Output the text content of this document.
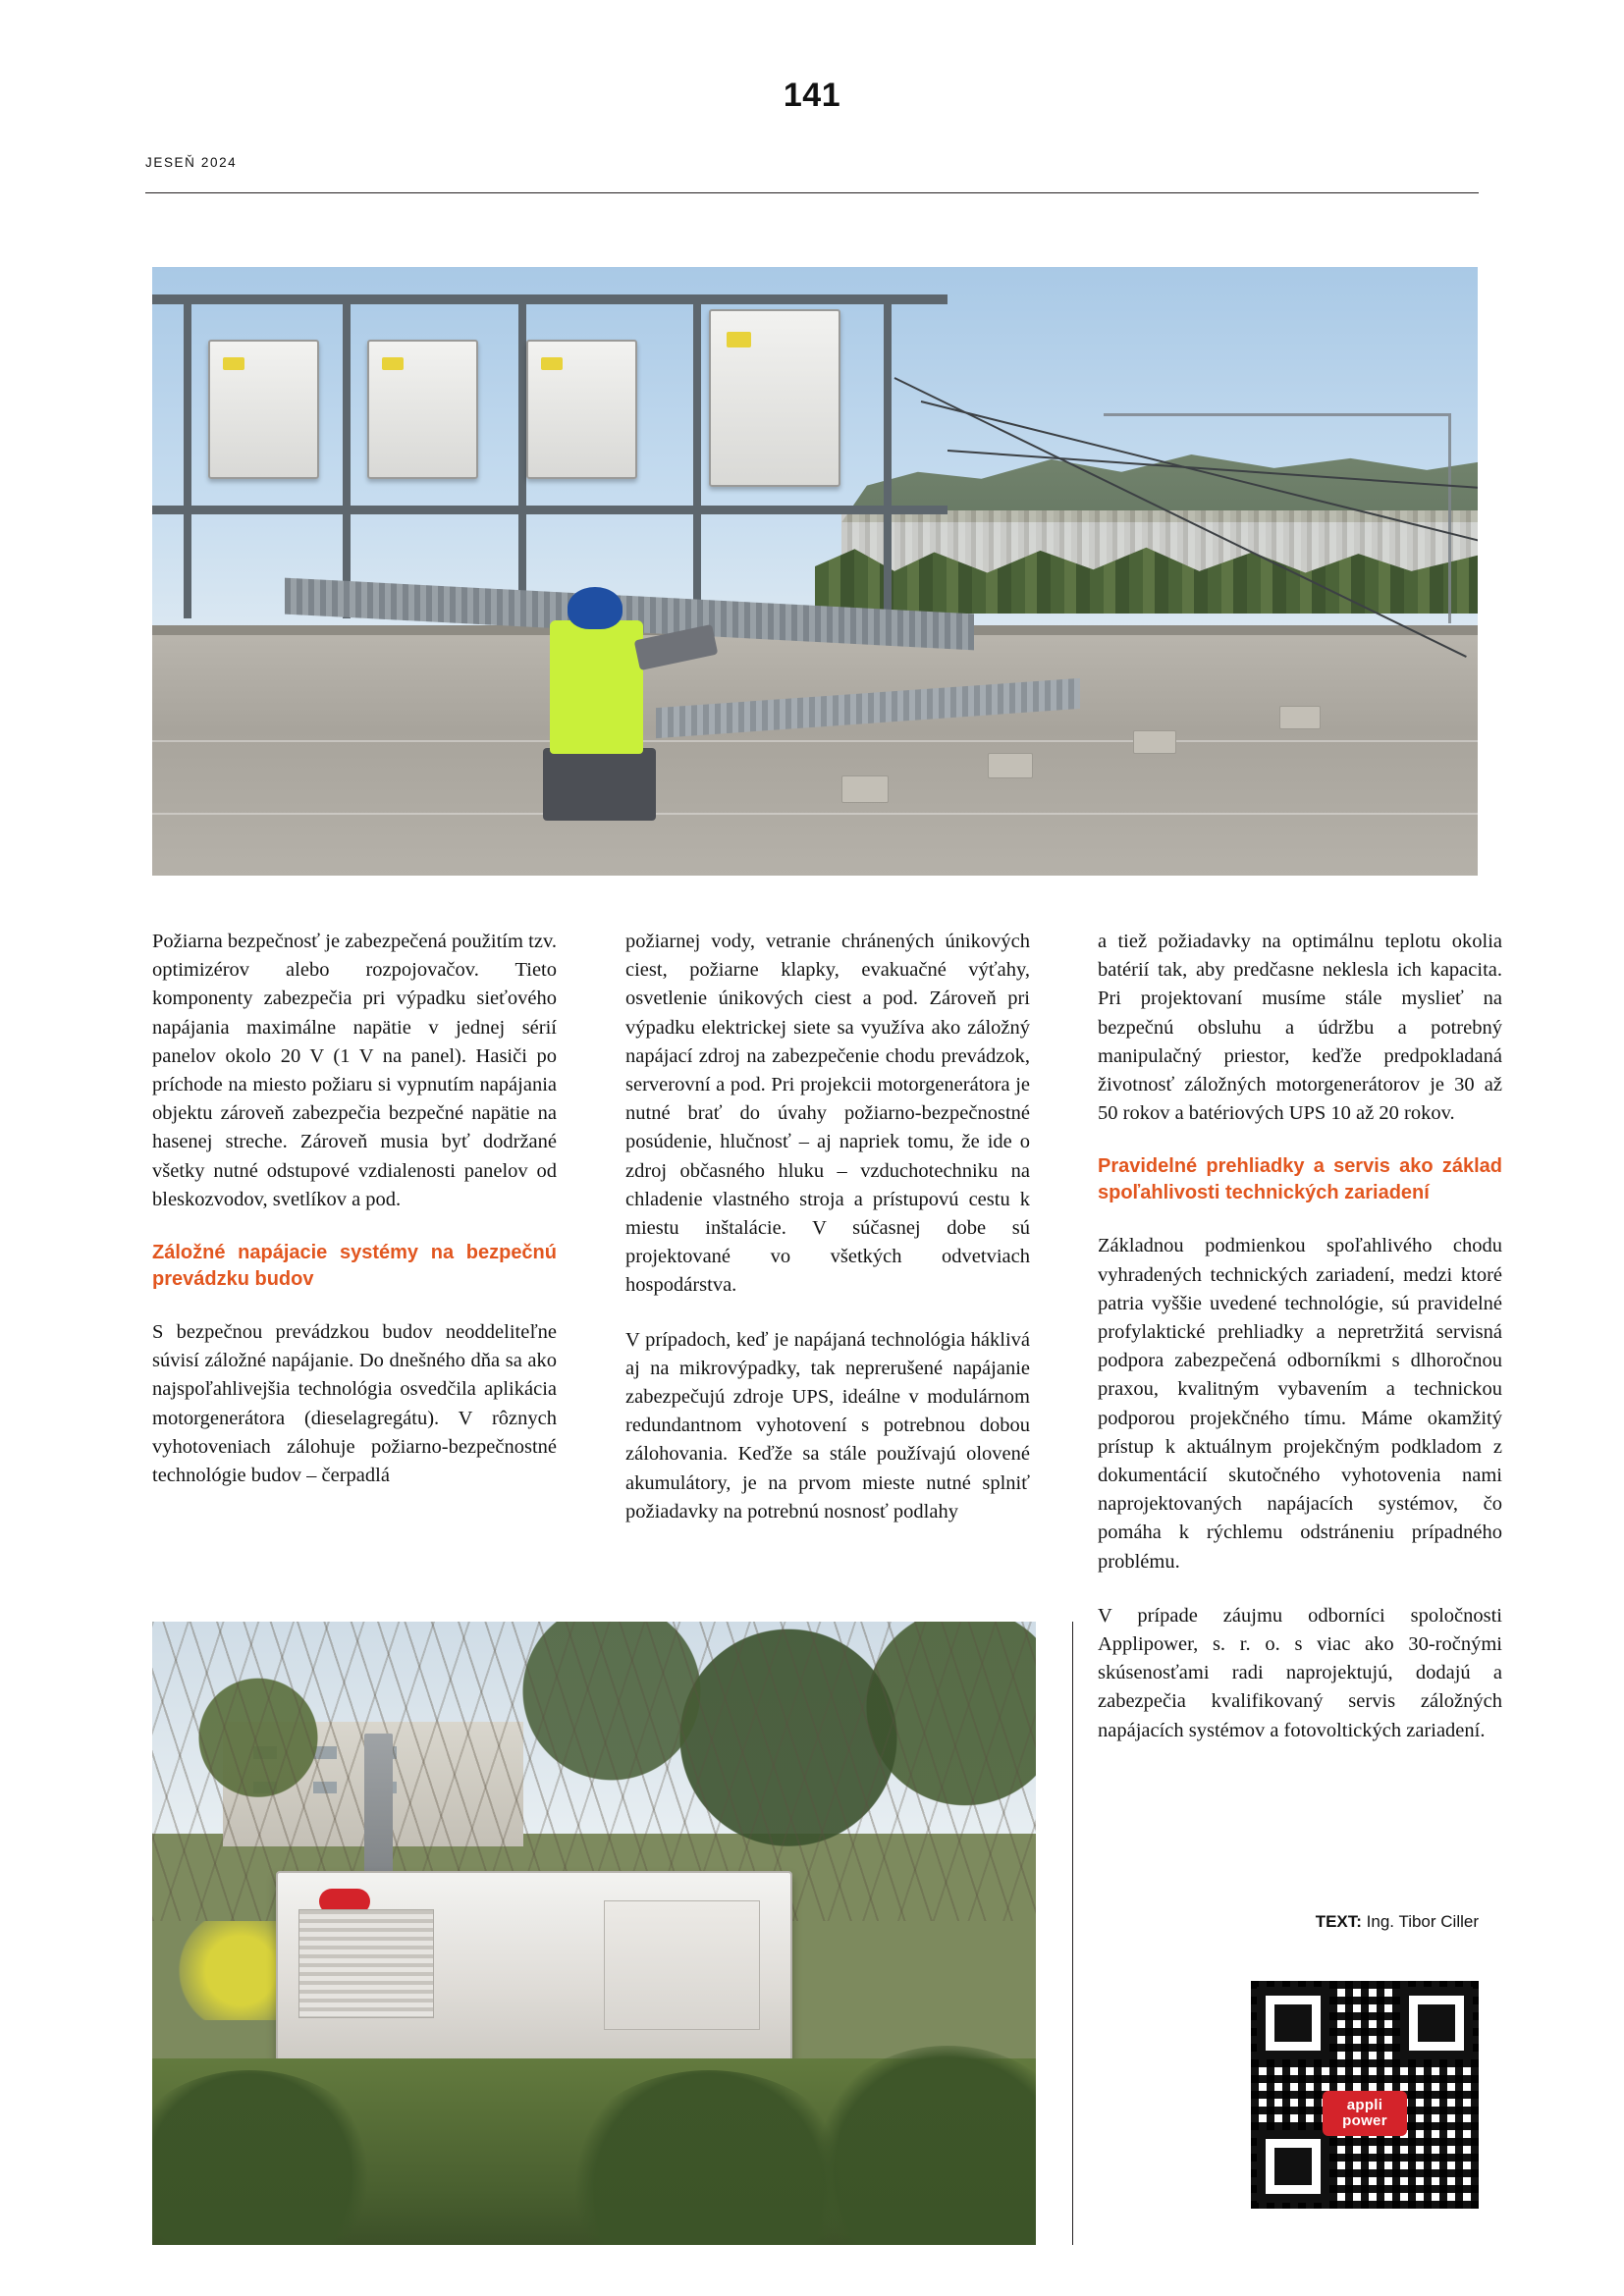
141
JESEŇ 2024

Požiarna bezpečnosť je zabezpečená použitím tzv. optimizérov alebo rozpojovačov. Tieto komponenty zabezpečia pri výpadku sieťového napájania maximálne napätie v jednej sérií panelov okolo 20 V (1 V na panel). Hasiči po príchode na miesto požiaru si vypnutím napájania objektu zároveň zabezpečia bezpečné napätie na hasenej streche. Zároveň musia byť dodržané všetky nutné odstupové vzdialenosti panelov od bleskozvodov, svetlíkov a pod.

Záložné napájacie systémy na bezpečnú prevádzku budov

S bezpečnou prevádzkou budov neoddeliteľne súvisí záložné napájanie. Do dnešného dňa sa ako najspoľahlivejšia technológia osvedčila aplikácia motorgenerátora (dieselagregátu). V rôznych vyhotoveniach zálohuje požiarno-bezpečnostné technológie budov – čerpadlá

požiarnej vody, vetranie chránených únikových ciest, požiarne klapky, evakuačné výťahy, osvetlenie únikových ciest a pod. Zároveň pri výpadku elektrickej siete sa využíva ako záložný napájací zdroj na zabezpečenie chodu prevádzok, serverovní a pod. Pri projekcii motorgenerátora je nutné brať do úvahy požiarno-bezpečnostné posúdenie, hlučnosť – aj napriek tomu, že ide o zdroj občasného hluku – vzduchotechniku na chladenie vlastného stroja a prístupovú cestu k miestu inštalácie. V súčasnej dobe sú projektované vo všetkých odvetviach hospodárstva.

V prípadoch, keď je napájaná technológia háklivá aj na mikrovýpadky, tak neprerušené napájanie zabezpečujú zdroje UPS, ideálne v modulárnom redundantnom vyhotovení s potrebnou dobou zálohovania. Keďže sa stále používajú olovené akumulátory, je na prvom mieste nutné splniť požiadavky na potrebnú nosnosť podlahy

a tiež požiadavky na optimálnu teplotu okolia batérií tak, aby predčasne neklesla ich kapacita. Pri projektovaní musíme stále myslieť na bezpečnú obsluhu a údržbu a potrebný manipulačný priestor, keďže predpokladaná životnosť záložných motorgenerátorov je 30 až 50 rokov a batériových UPS 10 až 20 rokov.

Pravidelné prehliadky a servis ako základ spoľahlivosti technických zariadení

Základnou podmienkou spoľahlivého chodu vyhradených technických zariadení, medzi ktoré patria vyššie uvedené technológie, sú pravidelné profylaktické prehliadky a nepretržitá servisná podpora zabezpečená odborníkmi s dlhoročnou praxou, kvalitným vybavením a technickou podporou projekčného tímu. Máme okamžitý prístup k aktuálnym projekčným podkladom z dokumentácií skutočného vyhotovenia nami naprojektovaných napájacích systémov, čo pomáha k rýchlemu odstráneniu prípadného problému.

V prípade záujmu odborníci spoločnosti Applipower, s. r. o. s viac ako 30-ročnými skúsenosťami radi naprojektujú, dodajú a zabezpečia kvalifikovaný servis záložných napájacích systémov a fotovoltických zariadení.

TEXT: Ing. Tibor Ciller
appli
power
